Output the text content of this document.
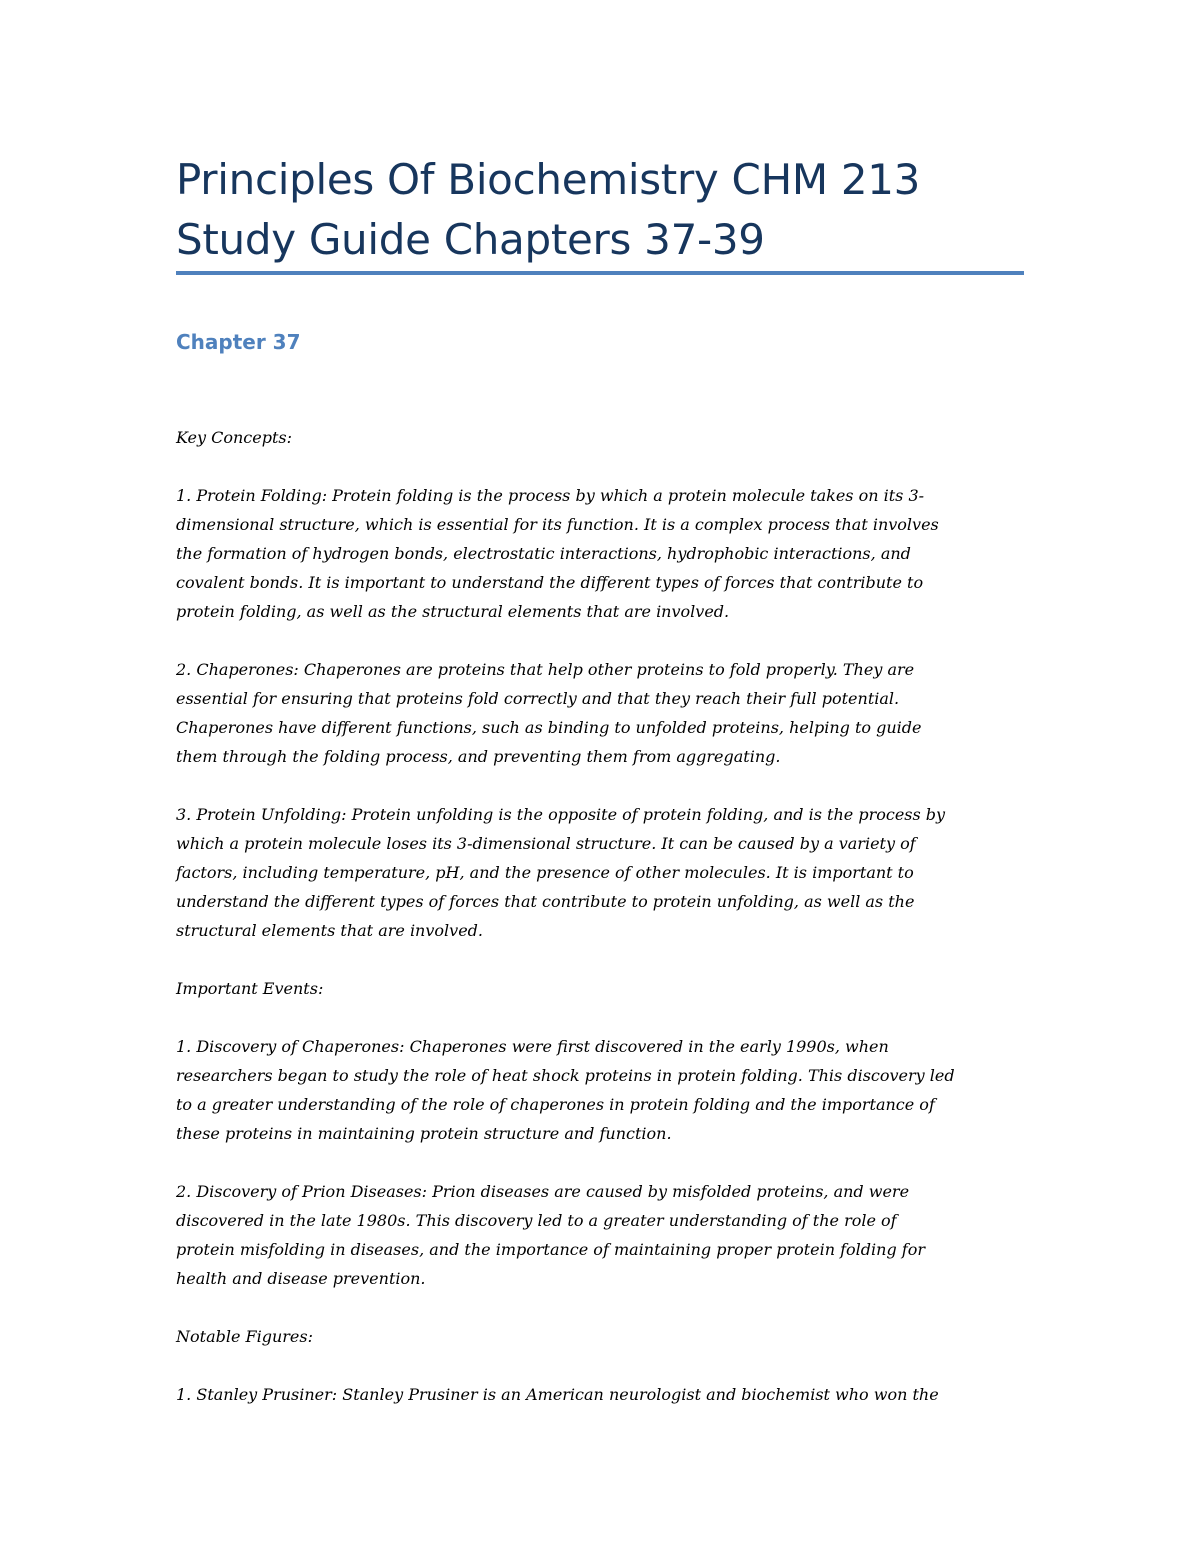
Principles Of Biochemistry CHM 213
Study Guide Chapters 37-39
Chapter 37
Key Concepts:
1. Protein Folding: Protein folding is the process by which a protein molecule takes on its 3-
dimensional structure, which is essential for its function. It is a complex process that involves
the formation of hydrogen bonds, electrostatic interactions, hydrophobic interactions, and
covalent bonds. It is important to understand the different types of forces that contribute to
protein folding, as well as the structural elements that are involved.
2. Chaperones: Chaperones are proteins that help other proteins to fold properly. They are
essential for ensuring that proteins fold correctly and that they reach their full potential.
Chaperones have different functions, such as binding to unfolded proteins, helping to guide
them through the folding process, and preventing them from aggregating.
3. Protein Unfolding: Protein unfolding is the opposite of protein folding, and is the process by
which a protein molecule loses its 3-dimensional structure. It can be caused by a variety of
factors, including temperature, pH, and the presence of other molecules. It is important to
understand the different types of forces that contribute to protein unfolding, as well as the
structural elements that are involved.
Important Events:
1. Discovery of Chaperones: Chaperones were first discovered in the early 1990s, when
researchers began to study the role of heat shock proteins in protein folding. This discovery led
to a greater understanding of the role of chaperones in protein folding and the importance of
these proteins in maintaining protein structure and function.
2. Discovery of Prion Diseases: Prion diseases are caused by misfolded proteins, and were
discovered in the late 1980s. This discovery led to a greater understanding of the role of
protein misfolding in diseases, and the importance of maintaining proper protein folding for
health and disease prevention.
Notable Figures:
1. Stanley Prusiner: Stanley Prusiner is an American neurologist and biochemist who won the
